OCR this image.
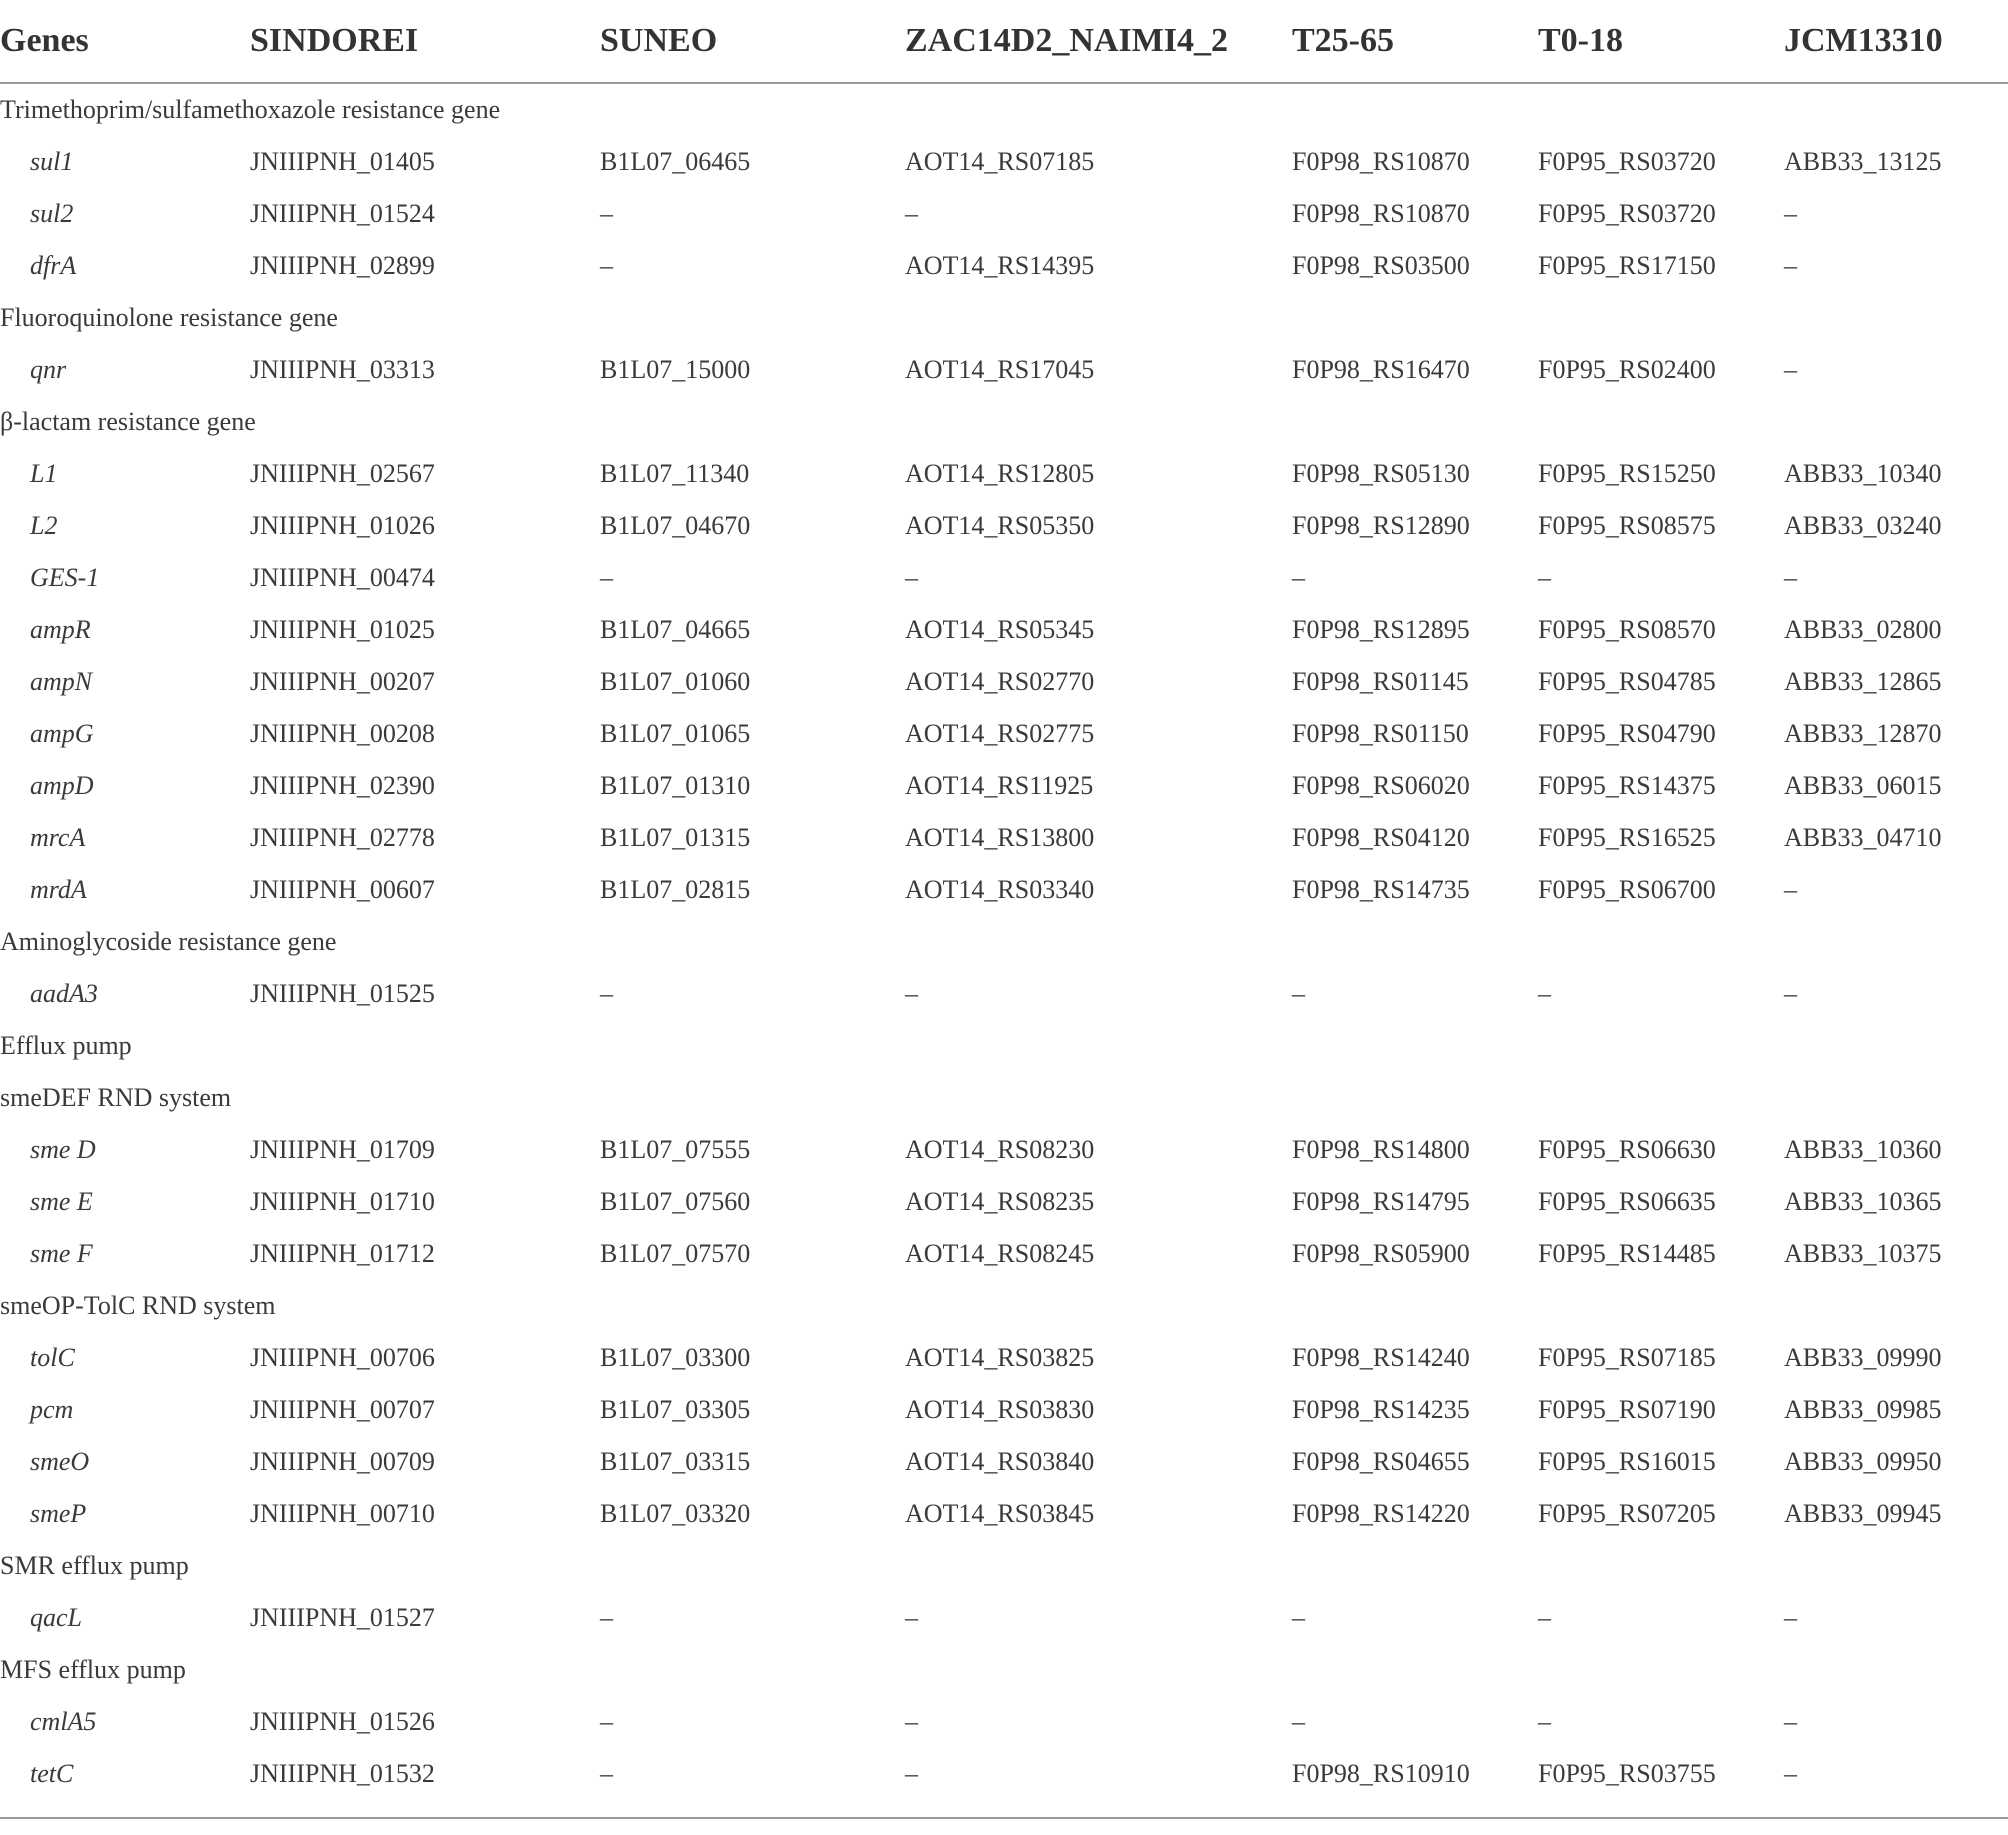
Genes	SINDOREI	SUNEO	ZAC14D2_NAIMI4_2	T25-65	T0-18	JCM13310
Trimethoprim/sulfamethoxazole resistance gene						
sul1	JNIIIPNH_01405	B1L07_06465	AOT14_RS07185	F0P98_RS10870	F0P95_RS03720	ABB33_13125
sul2	JNIIIPNH_01524	–	–	F0P98_RS10870	F0P95_RS03720	–
dfrA	JNIIIPNH_02899	–	AOT14_RS14395	F0P98_RS03500	F0P95_RS17150	–
Fluoroquinolone resistance gene						
qnr	JNIIIPNH_03313	B1L07_15000	AOT14_RS17045	F0P98_RS16470	F0P95_RS02400	–
β-lactam resistance gene						
L1	JNIIIPNH_02567	B1L07_11340	AOT14_RS12805	F0P98_RS05130	F0P95_RS15250	ABB33_10340
L2	JNIIIPNH_01026	B1L07_04670	AOT14_RS05350	F0P98_RS12890	F0P95_RS08575	ABB33_03240
GES-1	JNIIIPNH_00474	–	–	–	–	–
ampR	JNIIIPNH_01025	B1L07_04665	AOT14_RS05345	F0P98_RS12895	F0P95_RS08570	ABB33_02800
ampN	JNIIIPNH_00207	B1L07_01060	AOT14_RS02770	F0P98_RS01145	F0P95_RS04785	ABB33_12865
ampG	JNIIIPNH_00208	B1L07_01065	AOT14_RS02775	F0P98_RS01150	F0P95_RS04790	ABB33_12870
ampD	JNIIIPNH_02390	B1L07_01310	AOT14_RS11925	F0P98_RS06020	F0P95_RS14375	ABB33_06015
mrcA	JNIIIPNH_02778	B1L07_01315	AOT14_RS13800	F0P98_RS04120	F0P95_RS16525	ABB33_04710
mrdA	JNIIIPNH_00607	B1L07_02815	AOT14_RS03340	F0P98_RS14735	F0P95_RS06700	–
Aminoglycoside resistance gene						
aadA3	JNIIIPNH_01525	–	–	–	–	–
Efflux pump						
smeDEF RND system						
sme D	JNIIIPNH_01709	B1L07_07555	AOT14_RS08230	F0P98_RS14800	F0P95_RS06630	ABB33_10360
sme E	JNIIIPNH_01710	B1L07_07560	AOT14_RS08235	F0P98_RS14795	F0P95_RS06635	ABB33_10365
sme F	JNIIIPNH_01712	B1L07_07570	AOT14_RS08245	F0P98_RS05900	F0P95_RS14485	ABB33_10375
smeOP-TolC RND system						
tolC	JNIIIPNH_00706	B1L07_03300	AOT14_RS03825	F0P98_RS14240	F0P95_RS07185	ABB33_09990
pcm	JNIIIPNH_00707	B1L07_03305	AOT14_RS03830	F0P98_RS14235	F0P95_RS07190	ABB33_09985
smeO	JNIIIPNH_00709	B1L07_03315	AOT14_RS03840	F0P98_RS04655	F0P95_RS16015	ABB33_09950
smeP	JNIIIPNH_00710	B1L07_03320	AOT14_RS03845	F0P98_RS14220	F0P95_RS07205	ABB33_09945
SMR efflux pump						
qacL	JNIIIPNH_01527	–	–	–	–	–
MFS efflux pump						
cmlA5	JNIIIPNH_01526	–	–	–	–	–
tetC	JNIIIPNH_01532	–	–	F0P98_RS10910	F0P95_RS03755	–
